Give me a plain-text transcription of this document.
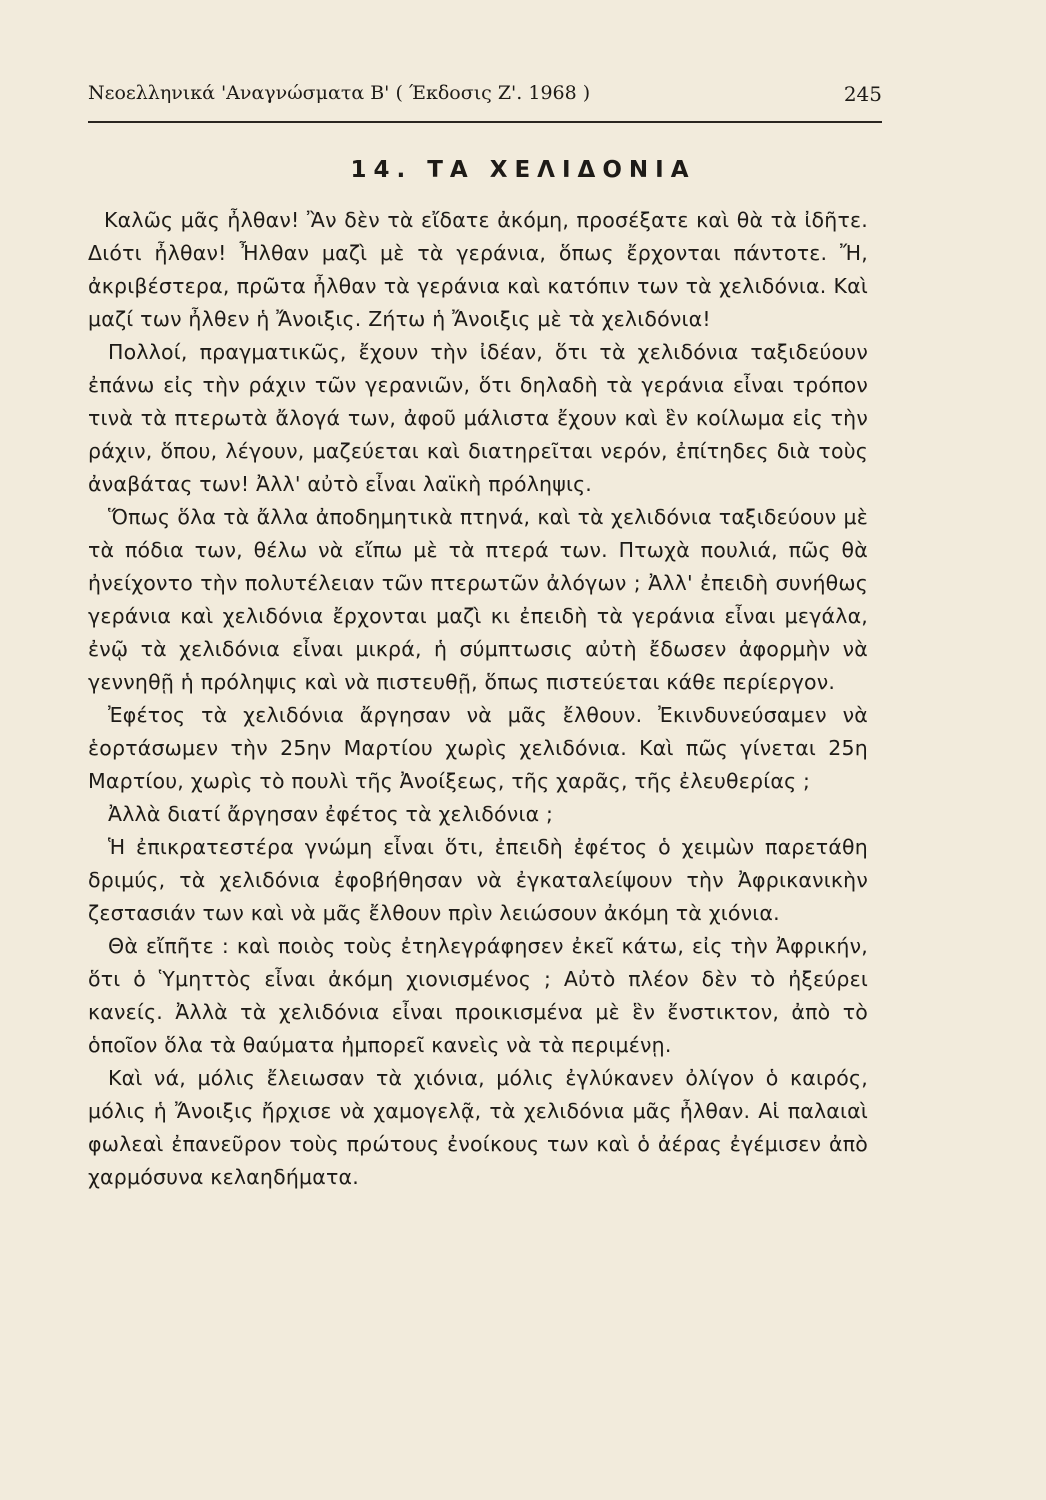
Νεοελληνικά 'Αναγνώσματα Β' ( Έκδοσις Ζ'. 1968 )	245
14. ΤΑ ΧΕΛΙΔΟΝΙΑ

Καλῶς μᾶς ἦλθαν! Ἂν δὲν τὰ εἴδατε ἀκόμη, προσέξατε καὶ θὰ τὰ ἰδῆτε. Διότι ἦλθαν! Ἦλθαν μαζὶ μὲ τὰ γεράνια, ὅπως ἔρχονται πάντοτε. Ἤ, ἀκριβέστερα, πρῶτα ἦλθαν τὰ γεράνια καὶ κατόπιν των τὰ χελιδόνια. Καὶ μαζί των ἦλθεν ἡ Ἄνοιξις. Ζήτω ἡ Ἄνοιξις μὲ τὰ χελιδόνια!

Πολλοί, πραγματικῶς, ἔχουν τὴν ἰδέαν, ὅτι τὰ χελιδόνια ταξιδεύουν ἐπάνω εἰς τὴν ράχιν τῶν γερανιῶν, ὅτι δηλαδὴ τὰ γεράνια εἶναι τρόπον τινὰ τὰ πτερωτὰ ἄλογά των, ἀφοῦ μάλιστα ἔχουν καὶ ἓν κοίλωμα εἰς τὴν ράχιν, ὅπου, λέγουν, μαζεύεται καὶ διατηρεῖται νερόν, ἐπίτηδες διὰ τοὺς ἀναβάτας των! Ἀλλ' αὐτὸ εἶναι λαϊκὴ πρόληψις.

Ὅπως ὅλα τὰ ἄλλα ἀποδημητικὰ πτηνά, καὶ τὰ χελιδόνια ταξιδεύουν μὲ τὰ πόδια των, θέλω νὰ εἴπω μὲ τὰ πτερά των. Πτωχὰ πουλιά, πῶς θὰ ἠνείχοντο τὴν πολυτέλειαν τῶν πτερωτῶν ἀλόγων ; Ἀλλ' ἐπειδὴ συνήθως γεράνια καὶ χελιδόνια ἔρχονται μαζὶ κι ἐπειδὴ τὰ γεράνια εἶναι μεγάλα, ἐνῷ τὰ χελιδόνια εἶναι μικρά, ἡ σύμπτωσις αὐτὴ ἔδωσεν ἀφορμὴν νὰ γεννηθῇ ἡ πρόληψις καὶ νὰ πιστευθῇ, ὅπως πιστεύεται κάθε περίεργον.

Ἐφέτος τὰ χελιδόνια ἄργησαν νὰ μᾶς ἔλθουν. Ἐκινδυνεύσαμεν νὰ ἑορτάσωμεν τὴν 25ην Μαρτίου χωρὶς χελιδόνια. Καὶ πῶς γίνεται 25η Μαρτίου, χωρὶς τὸ πουλὶ τῆς Ἀνοίξεως, τῆς χαρᾶς, τῆς ἐλευθερίας ;

Ἀλλὰ διατί ἄργησαν ἐφέτος τὰ χελιδόνια ;

Ἡ ἐπικρατεστέρα γνώμη εἶναι ὅτι, ἐπειδὴ ἐφέτος ὁ χειμὼν παρετάθη δριμύς, τὰ χελιδόνια ἐφοβήθησαν νὰ ἐγκαταλείψουν τὴν Ἀφρικανικὴν ζεστασιάν των καὶ νὰ μᾶς ἔλθουν πρὶν λειώσουν ἀκόμη τὰ χιόνια.

Θὰ εἴπῆτε : καὶ ποιὸς τοὺς ἐτηλεγράφησεν ἐκεῖ κάτω, εἰς τὴν Ἀφρικήν, ὅτι ὁ Ὑμηττὸς εἶναι ἀκόμη χιονισμένος ; Αὐτὸ πλέον δὲν τὸ ἠξεύρει κανείς. Ἀλλὰ τὰ χελιδόνια εἶναι προικισμένα μὲ ἓν ἔνστικτον, ἀπὸ τὸ ὁποῖον ὅλα τὰ θαύματα ἠμπορεῖ κανεὶς νὰ τὰ περιμένῃ.

Καὶ νά, μόλις ἔλειωσαν τὰ χιόνια, μόλις ἐγλύκανεν ὀλίγον ὁ καιρός, μόλις ἡ Ἄνοιξις ἤρχισε νὰ χαμογελᾷ, τὰ χελιδόνια μᾶς ἦλθαν. Αἱ παλαιαὶ φωλεαὶ ἐπανεῦρον τοὺς πρώτους ἐνοίκους των καὶ ὁ ἀέρας ἐγέμισεν ἀπὸ χαρμόσυνα κελαηδήματα.
